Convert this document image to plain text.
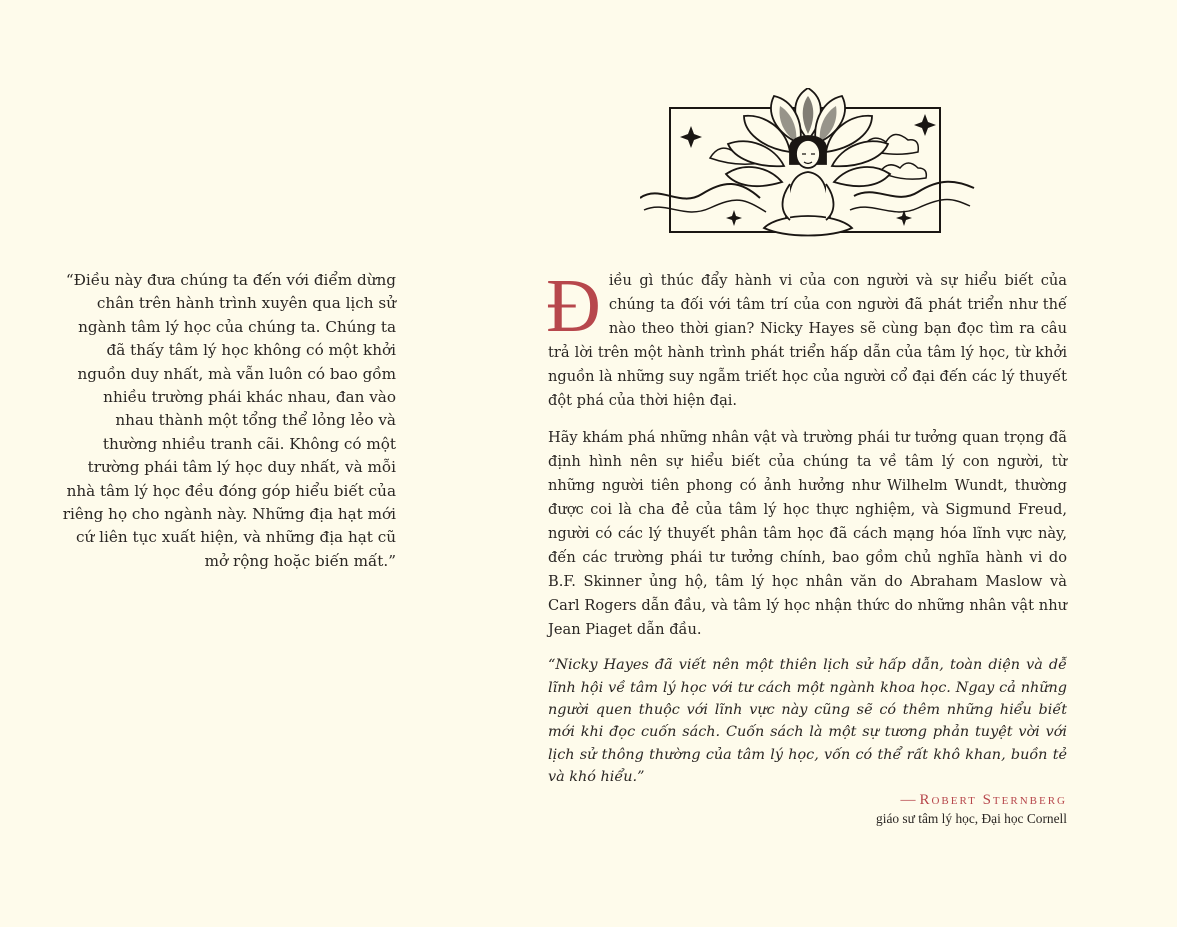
“Điều này đưa chúng ta đến với điểm dừng chân trên hành trình xuyên qua lịch sử ngành tâm lý học của chúng ta. Chúng ta đã thấy tâm lý học không có một khởi nguồn duy nhất, mà vẫn luôn có bao gồm nhiều trường phái khác nhau, đan vào nhau thành một tổng thể lỏng lẻo và thường nhiều tranh cãi. Không có một trường phái tâm lý học duy nhất, và mỗi nhà tâm lý học đều đóng góp hiểu biết của riêng họ cho ngành này. Những địa hạt mới cứ liên tục xuất hiện, và những địa hạt cũ mở rộng hoặc biến mất.”

Điều gì thúc đẩy hành vi của con người và sự hiểu biết của chúng ta đối với tâm trí của con người đã phát triển như thế nào theo thời gian? Nicky Hayes sẽ cùng bạn đọc tìm ra câu trả lời trên một hành trình phát triển hấp dẫn của tâm lý học, từ khởi nguồn là những suy ngẫm triết học của người cổ đại đến các lý thuyết đột phá của thời hiện đại.

Hãy khám phá những nhân vật và trường phái tư tưởng quan trọng đã định hình nên sự hiểu biết của chúng ta về tâm lý con người, từ những người tiên phong có ảnh hưởng như Wilhelm Wundt, thường được coi là cha đẻ của tâm lý học thực nghiệm, và Sigmund Freud, người có các lý thuyết phân tâm học đã cách mạng hóa lĩnh vực này, đến các trường phái tư tưởng chính, bao gồm chủ nghĩa hành vi do B.F. Skinner ủng hộ, tâm lý học nhân văn do Abraham Maslow và Carl Rogers dẫn đầu, và tâm lý học nhận thức do những nhân vật như Jean Piaget dẫn đầu.

“Nicky Hayes đã viết nên một thiên lịch sử hấp dẫn, toàn diện và dễ lĩnh hội về tâm lý học với tư cách một ngành khoa học. Ngay cả những người quen thuộc với lĩnh vực này cũng sẽ có thêm những hiểu biết mới khi đọc cuốn sách. Cuốn sách là một sự tương phản tuyệt vời với lịch sử thông thường của tâm lý học, vốn có thể rất khô khan, buồn tẻ và khó hiểu.”

— Robert Sternberg
giáo sư tâm lý học, Đại học Cornell
